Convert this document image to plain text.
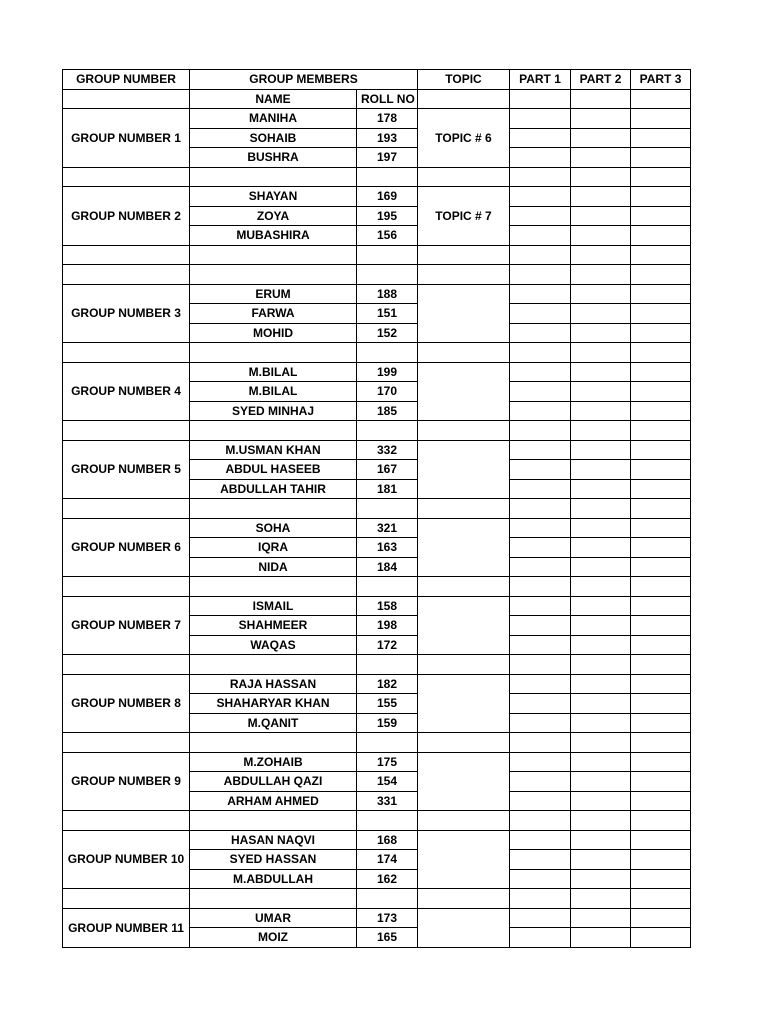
GROUP NUMBER	GROUP MEMBERS		TOPIC	PART 1	PART 2	PART 3
	NAME	ROLL NO				
GROUP NUMBER 1	MANIHA	178	TOPIC # 6			
	SOHAIB	193				
	BUSHRA	197				

GROUP NUMBER 2	SHAYAN	169	TOPIC # 7			
	ZOYA	195				
	MUBASHIRA	156				

GROUP NUMBER 3	ERUM	188				
	FARWA	151				
	MOHID	152				

GROUP NUMBER 4	M.BILAL	199				
	M.BILAL	170				
	SYED MINHAJ	185				

GROUP NUMBER 5	M.USMAN KHAN	332				
	ABDUL HASEEB	167				
	ABDULLAH TAHIR	181				

GROUP NUMBER 6	SOHA	321				
	IQRA	163				
	NIDA	184				

GROUP NUMBER 7	ISMAIL	158				
	SHAHMEER	198				
	WAQAS	172				

GROUP NUMBER 8	RAJA HASSAN	182				
	SHAHARYAR KHAN	155				
	M.QANIT	159				

GROUP NUMBER 9	M.ZOHAIB	175				
	ABDULLAH QAZI	154				
	ARHAM AHMED	331				

GROUP NUMBER 10	HASAN NAQVI	168				
	SYED HASSAN	174				
	M.ABDULLAH	162				

GROUP NUMBER 11	UMAR	173				
	MOIZ	165				
